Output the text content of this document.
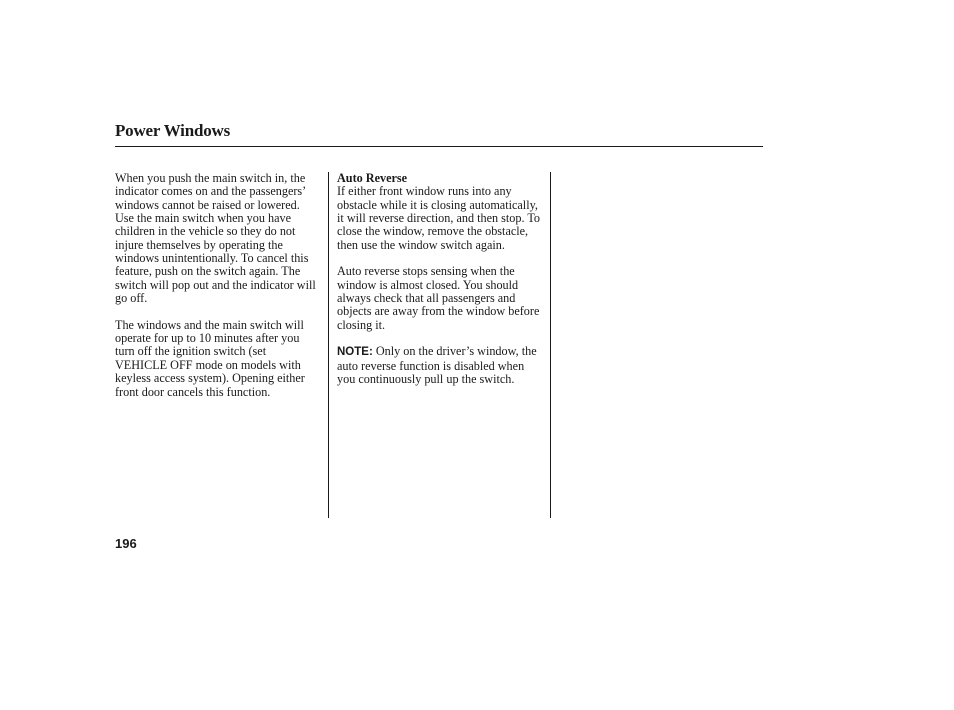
Power Windows

When you push the main switch in, the indicator comes on and the passengers’ windows cannot be raised or lowered. Use the main switch when you have children in the vehicle so they do not injure themselves by operating the windows unintentionally. To cancel this feature, push on the switch again. The switch will pop out and the indicator will go off.

The windows and the main switch will operate for up to 10 minutes after you turn off the ignition switch (set VEHICLE OFF mode on models with keyless access system). Opening either front door cancels this function.

Auto Reverse
If either front window runs into any obstacle while it is closing automatically, it will reverse direction, and then stop. To close the window, remove the obstacle, then use the window switch again.

Auto reverse stops sensing when the window is almost closed. You should always check that all passengers and objects are away from the window before closing it.

NOTE: Only on the driver’s window, the auto reverse function is disabled when you continuously pull up the switch.

196
